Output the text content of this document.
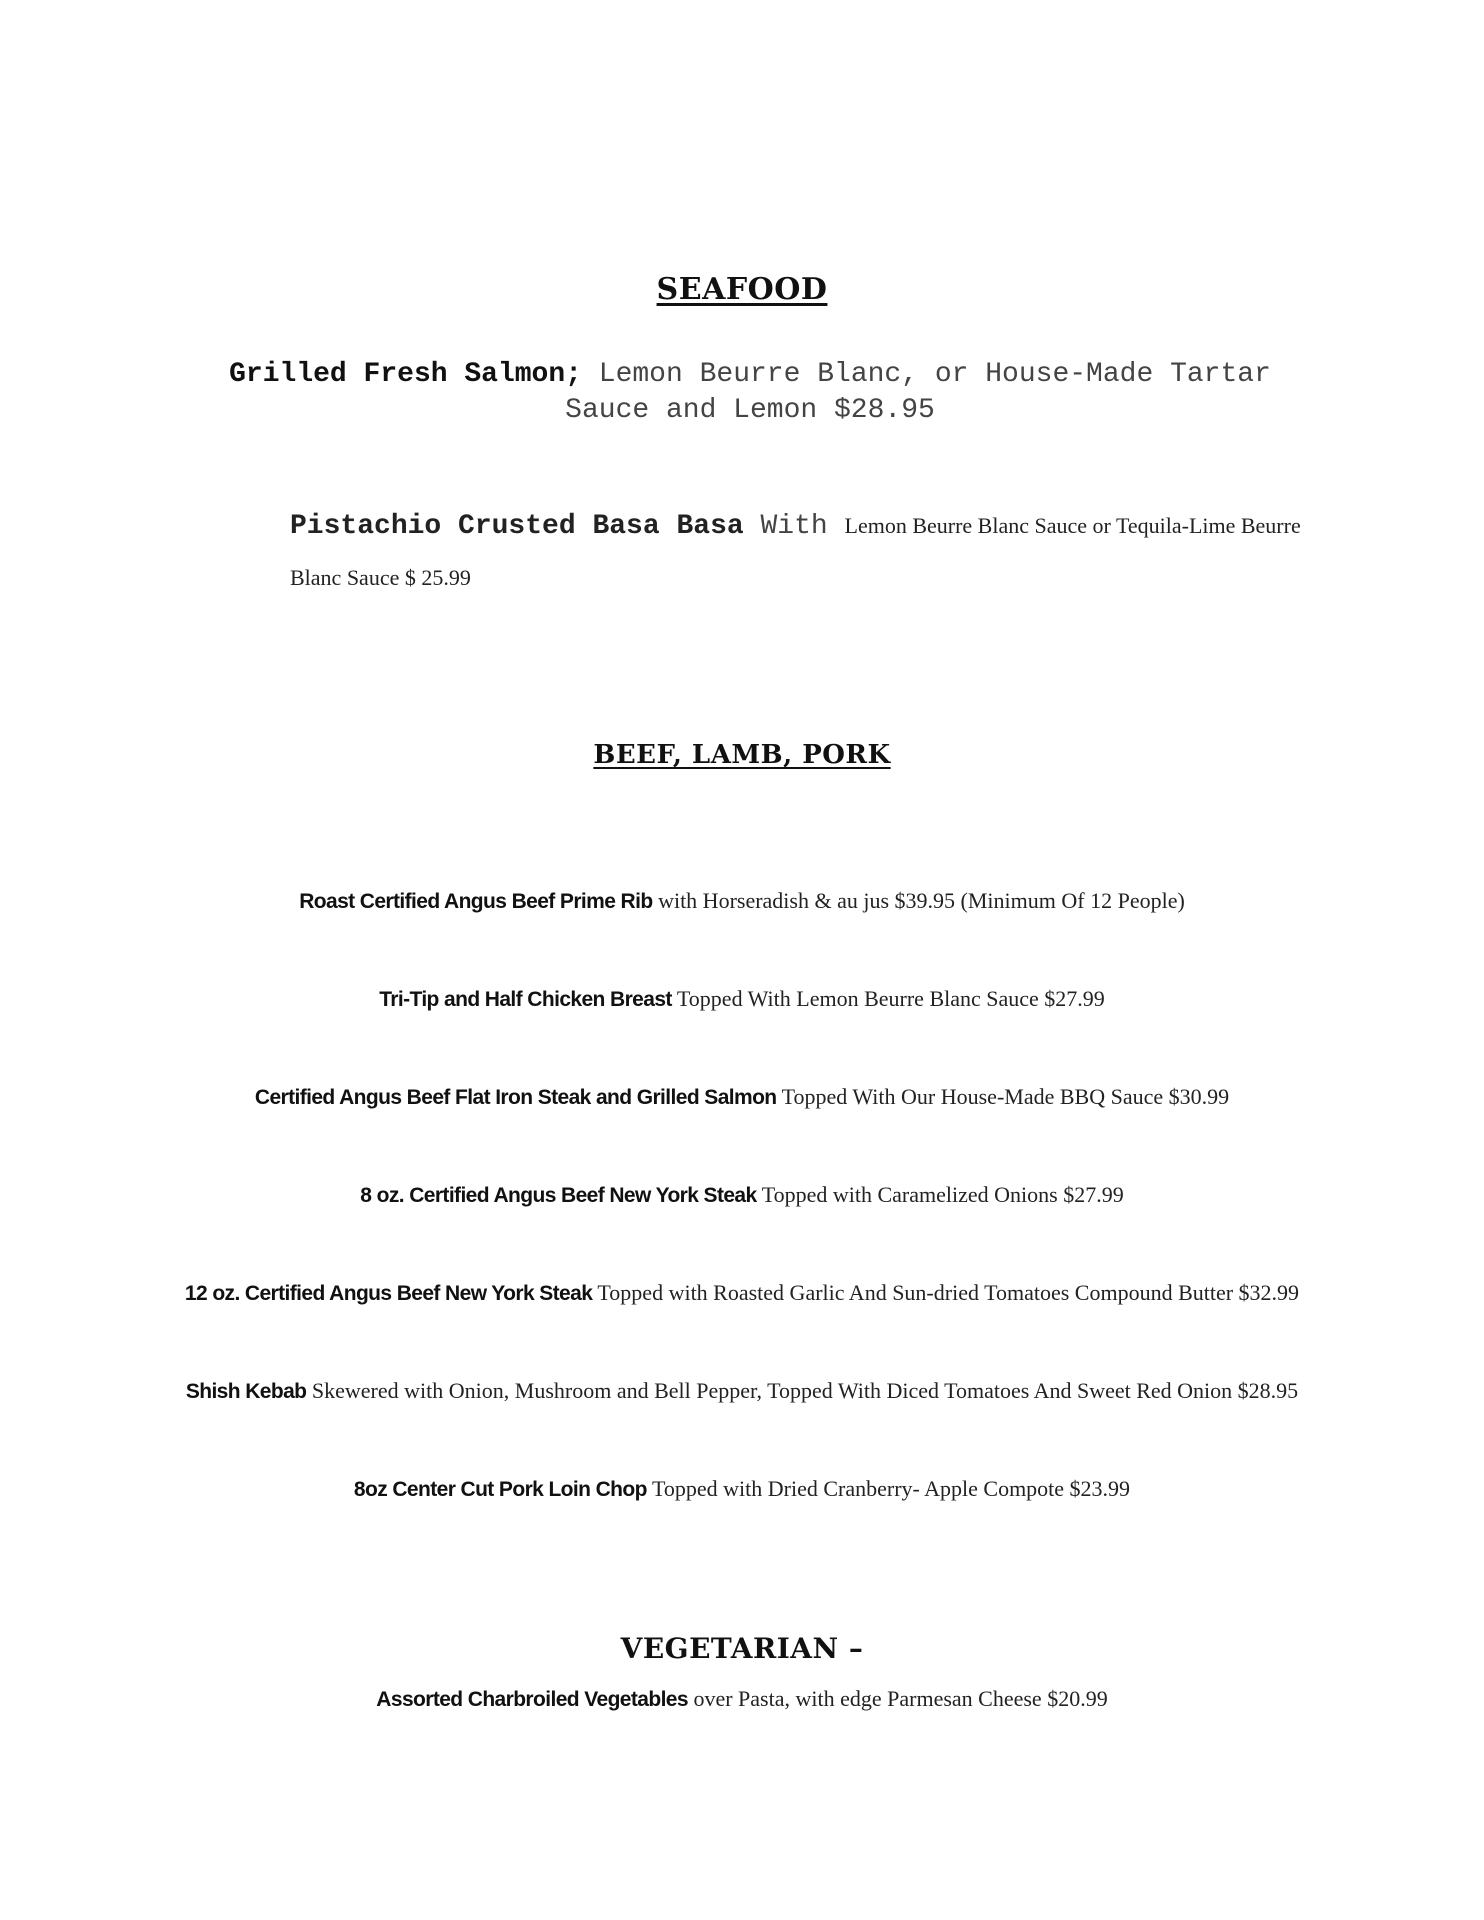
SEAFOOD
Grilled Fresh Salmon; Lemon Beurre Blanc, or House-Made Tartar Sauce and Lemon $28.95
Pistachio Crusted Basa Basa With Lemon Beurre Blanc Sauce or Tequila-Lime Beurre Blanc Sauce $ 25.99
BEEF, LAMB, PORK
Roast Certified Angus Beef Prime Rib with Horseradish & au jus $39.95 (Minimum Of 12 People)
Tri-Tip and Half Chicken Breast Topped With Lemon Beurre Blanc Sauce $27.99
Certified Angus Beef Flat Iron Steak and Grilled Salmon Topped With Our House-Made BBQ Sauce $30.99
8 oz. Certified Angus Beef New York Steak Topped with Caramelized Onions $27.99
12 oz. Certified Angus Beef New York Steak Topped with Roasted Garlic And Sun-dried Tomatoes Compound Butter $32.99
Shish Kebab Skewered with Onion, Mushroom and Bell Pepper, Topped With Diced Tomatoes And Sweet Red Onion $28.95
8oz Center Cut Pork Loin Chop Topped with Dried Cranberry- Apple Compote $23.99
VEGETARIAN –
Assorted Charbroiled Vegetables over Pasta, with edge Parmesan Cheese $20.99
